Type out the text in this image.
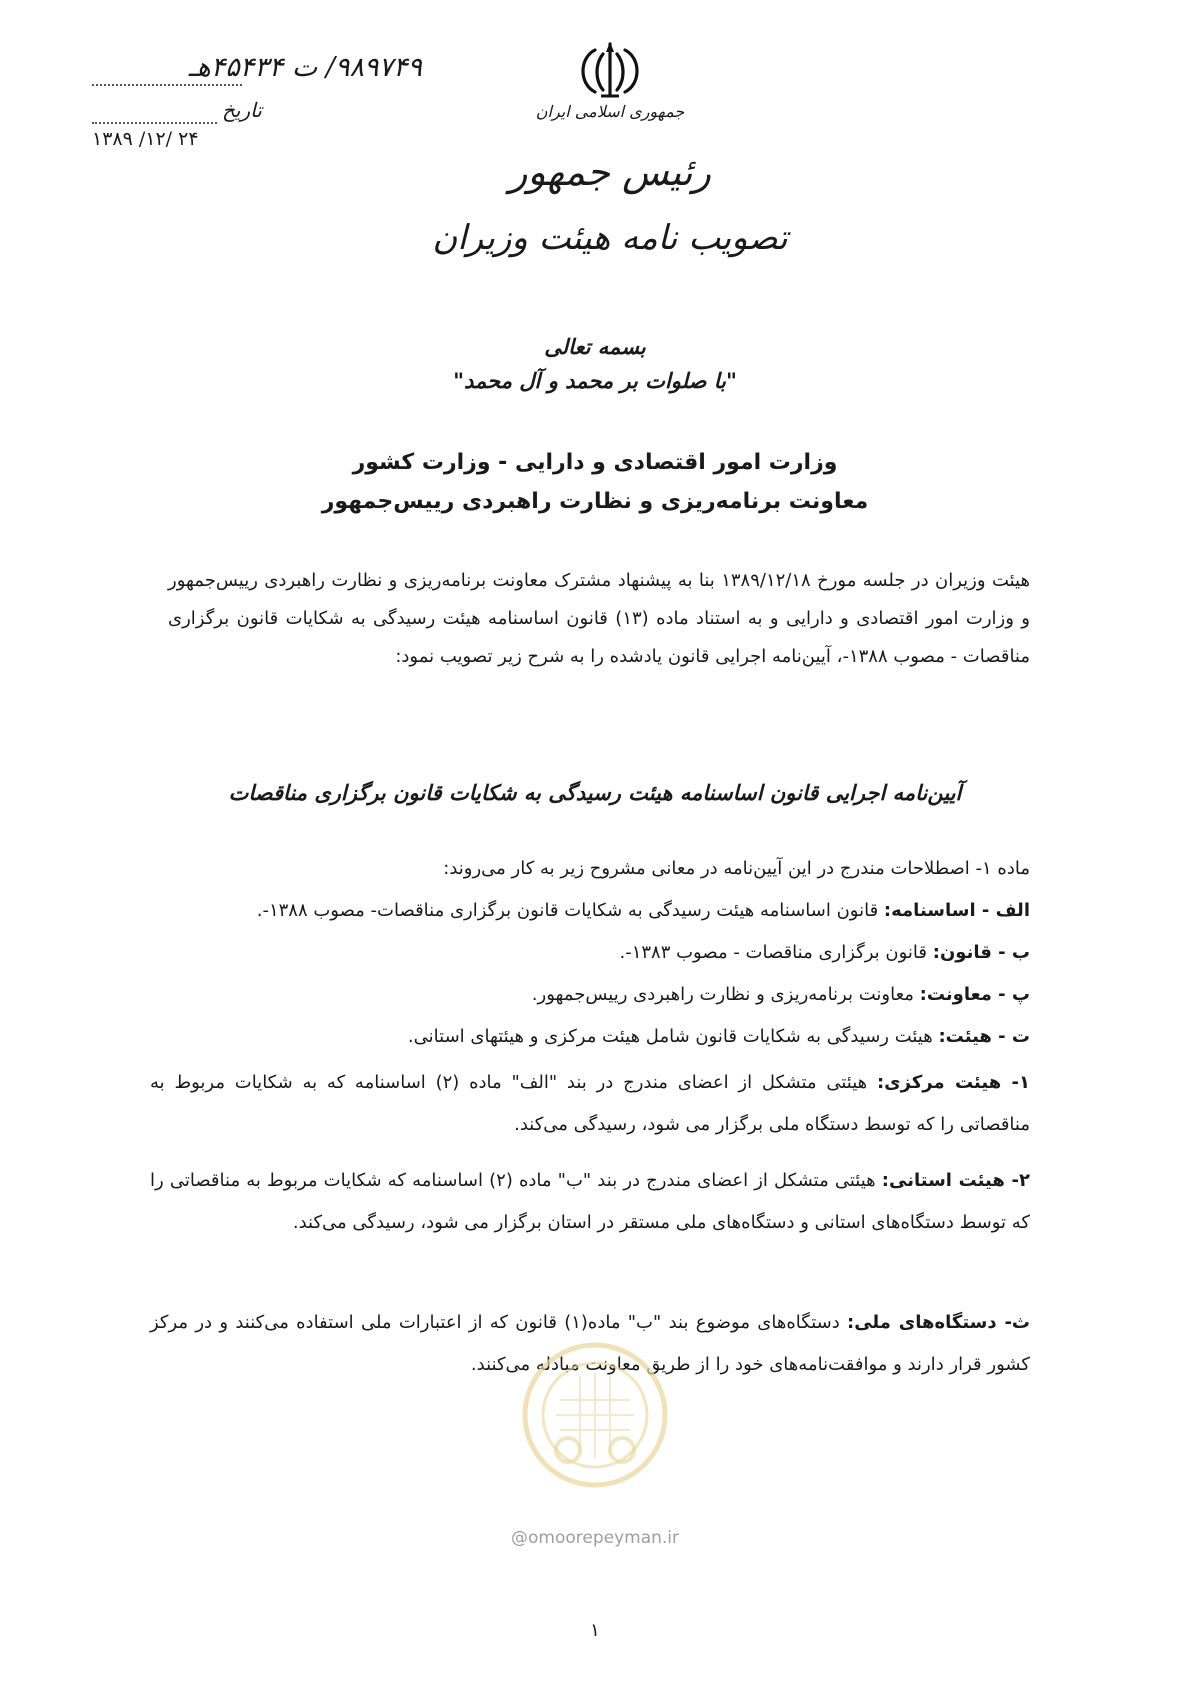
۹۸۹۷۴۹/ ت ۴۵۴۳۴هـ
تاریخ
۱۳۸۹ /۱۲/ ۲۴
جمهوری اسلامی ایران
رئیس جمهور
تصویب نامه هیئت وزیران
بسمه تعالی
"با صلوات بر محمد و آل محمد"
وزارت امور اقتصادی و دارایی - وزارت کشور
معاونت برنامه‌ریزی و نظارت راهبردی رییس‌جمهور
هیئت وزیران در جلسه مورخ ۱۳۸۹/۱۲/۱۸ بنا به پیشنهاد مشترک معاونت برنامه‌ریزی و نظارت راهبردی رییس‌جمهور و وزارت امور اقتصادی و دارایی و به استناد ماده (۱۳) قانون اساسنامه هیئت رسیدگی به شکایات قانون برگزاری مناقصات - مصوب ۱۳۸۸-، آیین‌نامه اجرایی قانون یادشده را به شرح زیر تصویب نمود:
آیین‌نامه اجرایی قانون اساسنامه هیئت رسیدگی به شکایات قانون برگزاری مناقصات
ماده ۱- اصطلاحات مندرج در این آیین‌نامه در معانی مشروح زیر به کار می‌روند:
الف - اساسنامه: قانون اساسنامه هیئت رسیدگی به شکایات قانون برگزاری مناقصات- مصوب ۱۳۸۸-.
ب - قانون: قانون برگزاری مناقصات - مصوب ۱۳۸۳-.
پ - معاونت: معاونت برنامه‌ریزی و نظارت راهبردی رییس‌جمهور.
ت - هیئت: هیئت رسیدگی به شکایات قانون شامل هیئت مرکزی و هیئتهای استانی.
۱- هیئت مرکزی: هیئتی متشکل از اعضای مندرج در بند "الف" ماده (۲) اساسنامه که به شکایات مربوط به مناقصاتی را که توسط دستگاه ملی برگزار می شود، رسیدگی می‌کند.
۲- هیئت استانی: هیئتی متشکل از اعضای مندرج در بند "ب" ماده (۲) اساسنامه که شکایات مربوط به مناقصاتی را که توسط دستگاه‌های استانی و دستگاه‌های ملی مستقر در استان برگزار می شود، رسیدگی می‌کند.
ث- دستگاه‌های ملی: دستگاه‌های موضوع بند "ب" ماده(۱) قانون که از اعتبارات ملی استفاده می‌کنند و در مرکز کشور قرار دارند و موافقت‌نامه‌های خود را از طریق معاونت مبادله می‌کنند.
@omoorepeyman.ir
۱
